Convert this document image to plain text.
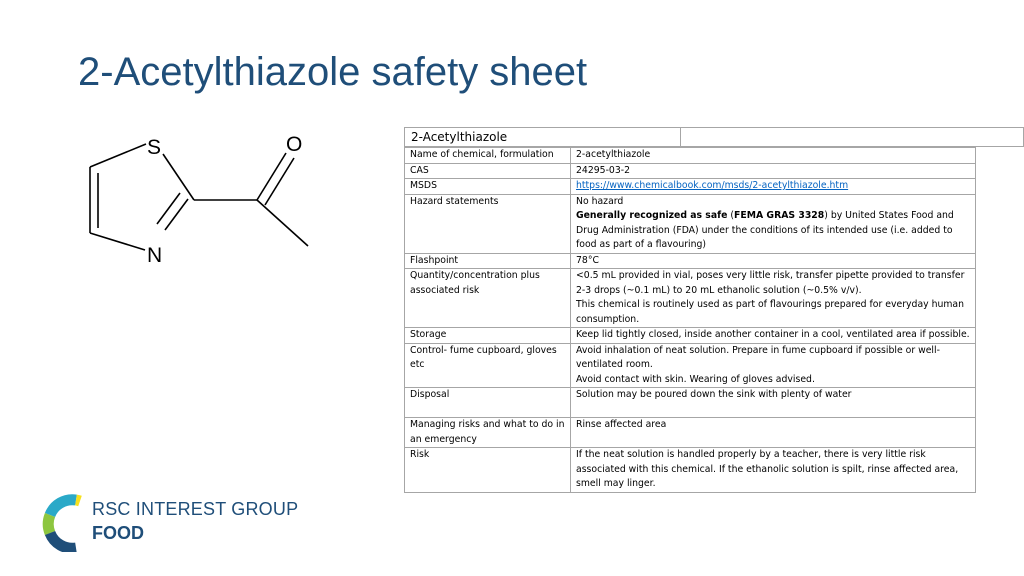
2-Acetylthiazole safety sheet
S	O
N
2-Acetylthiazole
Name of chemical, formulation	2-acetylthiazole
CAS	24295-03-2
MSDS	https://www.chemicalbook.com/msds/2-acetylthiazole.htm
Hazard statements	No hazard
Generally recognized as safe (FEMA GRAS 3328) by United States Food and Drug Administration (FDA) under the conditions of its intended use (i.e. added to food as part of a flavouring)

Flashpoint	78°C
Quantity/concentration plus associated risk	<0.5 mL provided in vial, poses very little risk, transfer pipette provided to transfer 2-3 drops (~0.1 mL) to 20 mL ethanolic solution (~0.5% v/v).
This chemical is routinely used as part of flavourings prepared for everyday human consumption.

Storage	Keep lid tightly closed, inside another container in a cool, ventilated area if possible.
Control- fume cupboard, gloves etc	Avoid inhalation of neat solution. Prepare in fume cupboard if possible or well-ventilated room.
Avoid contact with skin. Wearing of gloves advised.

Disposal	Solution may be poured down the sink with plenty of water
Managing risks and what to do in an emergency	Rinse affected area
Risk	If the neat solution is handled properly by a teacher, there is very little risk associated with this chemical. If the ethanolic solution is spilt, rinse affected area, smell may linger.
RSC INTEREST GROUP
FOOD
